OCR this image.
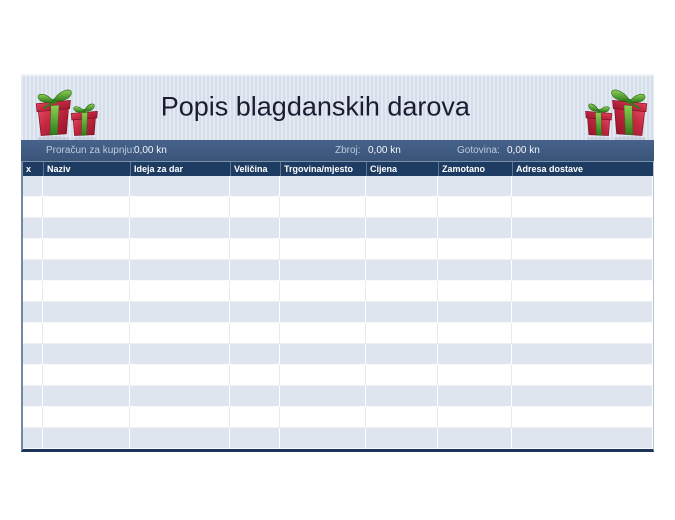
Popis blagdanskih darova
Proračun za kupnju: 0,00 kn	Zbroj: 0,00 kn	Gotovina: 0,00 kn
x	Naziv	Ideja za dar	Veličina	Trgovina/mjesto	Cijena	Zamotano	Adresa dostave
